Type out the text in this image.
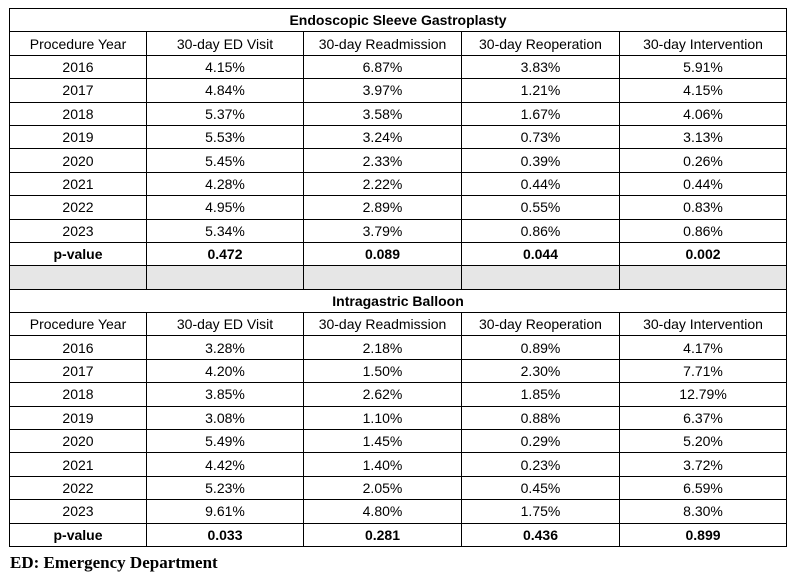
Endoscopic Sleeve Gastroplasty				
Procedure Year	30-day ED Visit	30-day Readmission	30-day Reoperation	30-day Intervention
2016	4.15%	6.87%	3.83%	5.91%
2017	4.84%	3.97%	1.21%	4.15%
2018	5.37%	3.58%	1.67%	4.06%
2019	5.53%	3.24%	0.73%	3.13%
2020	5.45%	2.33%	0.39%	0.26%
2021	4.28%	2.22%	0.44%	0.44%
2022	4.95%	2.89%	0.55%	0.83%
2023	5.34%	3.79%	0.86%	0.86%
p-value	0.472	0.089	0.044	0.002

Intragastric Balloon				
Procedure Year	30-day ED Visit	30-day Readmission	30-day Reoperation	30-day Intervention
2016	3.28%	2.18%	0.89%	4.17%
2017	4.20%	1.50%	2.30%	7.71%
2018	3.85%	2.62%	1.85%	12.79%
2019	3.08%	1.10%	0.88%	6.37%
2020	5.49%	1.45%	0.29%	5.20%
2021	4.42%	1.40%	0.23%	3.72%
2022	5.23%	2.05%	0.45%	6.59%
2023	9.61%	4.80%	1.75%	8.30%
p-value	0.033	0.281	0.436	0.899
ED: Emergency Department
